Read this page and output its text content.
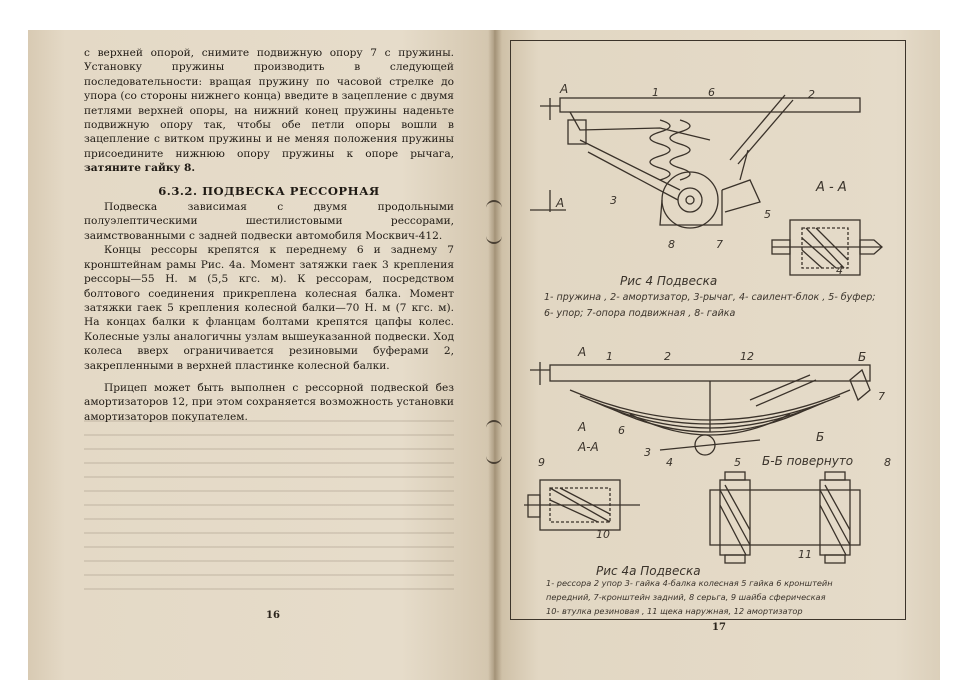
с верхней опорой, снимите подвижную опору 7 с пружины. Установку пружины производить в следующей последовательности: вращая пружину по часовой стрелке до упора (со стороны нижнего конца) введите в зацепление с двумя петлями верхней опоры, на нижний конец пружины наденьте подвижную опору так, чтобы обе петли опоры вошли в зацепление с витком пружины и не меняя положения пружины присоедините нижнюю опору пружины к опоре рычага, затяните гайку 8.

6.3.2. ПОДВЕСКА РЕССОРНАЯ

Подвеска зависимая с двумя продольными полуэлептическими шестилистовыми рессорами, заимствованными с задней подвески автомобиля Москвич-412.

Концы рессоры крепятся к переднему 6 и заднему 7 кронштейнам рамы Рис. 4а. Момент затяжки гаек 3 крепления рессоры—55 Н. м (5,5 кгс. м). К рессорам, посредством болтового соединения прикреплена колесная балка. Момент затяжки гаек 5 крепления колесной балки—70 Н. м (7 кгс. м). На концах балки к фланцам болтами крепятся цапфы колес. Колесные узлы аналогичны узлам вышеуказанной подвески. Ход колеса вверх ограничивается резиновыми буферами 2, закрепленными в верхней пластинке колесной балки.

Прицеп может быть выполнен с рессорной подвеской без амортизаторов 12, при этом сохраняется возможность установки амортизаторов покупателем.

16
17
А	1	6	2
А	3
5
8	7
4
А - А
Рис 4 Подвеска
1- пружина , 2- амортизатор, 3-рычаг, 4- саилент-блок , 5- буфер;
6- упор; 7-опора подвижная , 8- гайка
А 1	2	12	Б
7
6	Б
А
4	5
9
3
10
8
11
А-А
Б-Б повернуто
Рис 4а Подвеска
1- рессора 2 упор 3- гайка 4-балка колесная 5 гайка 6 кронштейн
передний, 7-кронштейн задний, 8 серьга, 9 шайба сферическая
10- втулка резиновая , 11 щека наружная, 12 амортизатор
